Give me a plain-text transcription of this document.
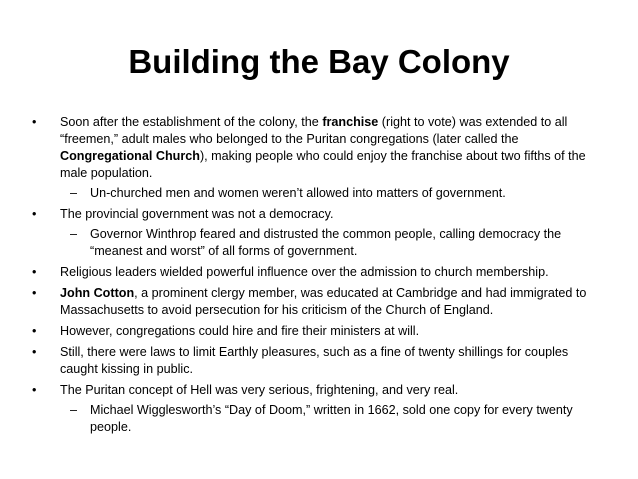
Building the Bay Colony
•	Soon after the establishment of the colony, the franchise (right to vote) was extended to all “freemen,” adult males who belonged to the Puritan congregations (later called the Congregational Church), making people who could enjoy the franchise about two fifths of the male population.
–	Un-churched men and women weren’t allowed into matters of government.
•	The provincial government was not a democracy.
–	Governor Winthrop feared and distrusted the common people, calling democracy the “meanest and worst” of all forms of government.
•	Religious leaders wielded powerful influence over the admission to church membership.
•	John Cotton, a prominent clergy member, was educated at Cambridge and had immigrated to Massachusetts to avoid persecution for his criticism of the Church of England.
•	However, congregations could hire and fire their ministers at will.
•	Still, there were laws to limit Earthly pleasures, such as a fine of twenty shillings for couples caught kissing in public.
•	The Puritan concept of Hell was very serious, frightening, and very real.
–	Michael Wigglesworth’s “Day of Doom,” written in 1662, sold one copy for every twenty people.
